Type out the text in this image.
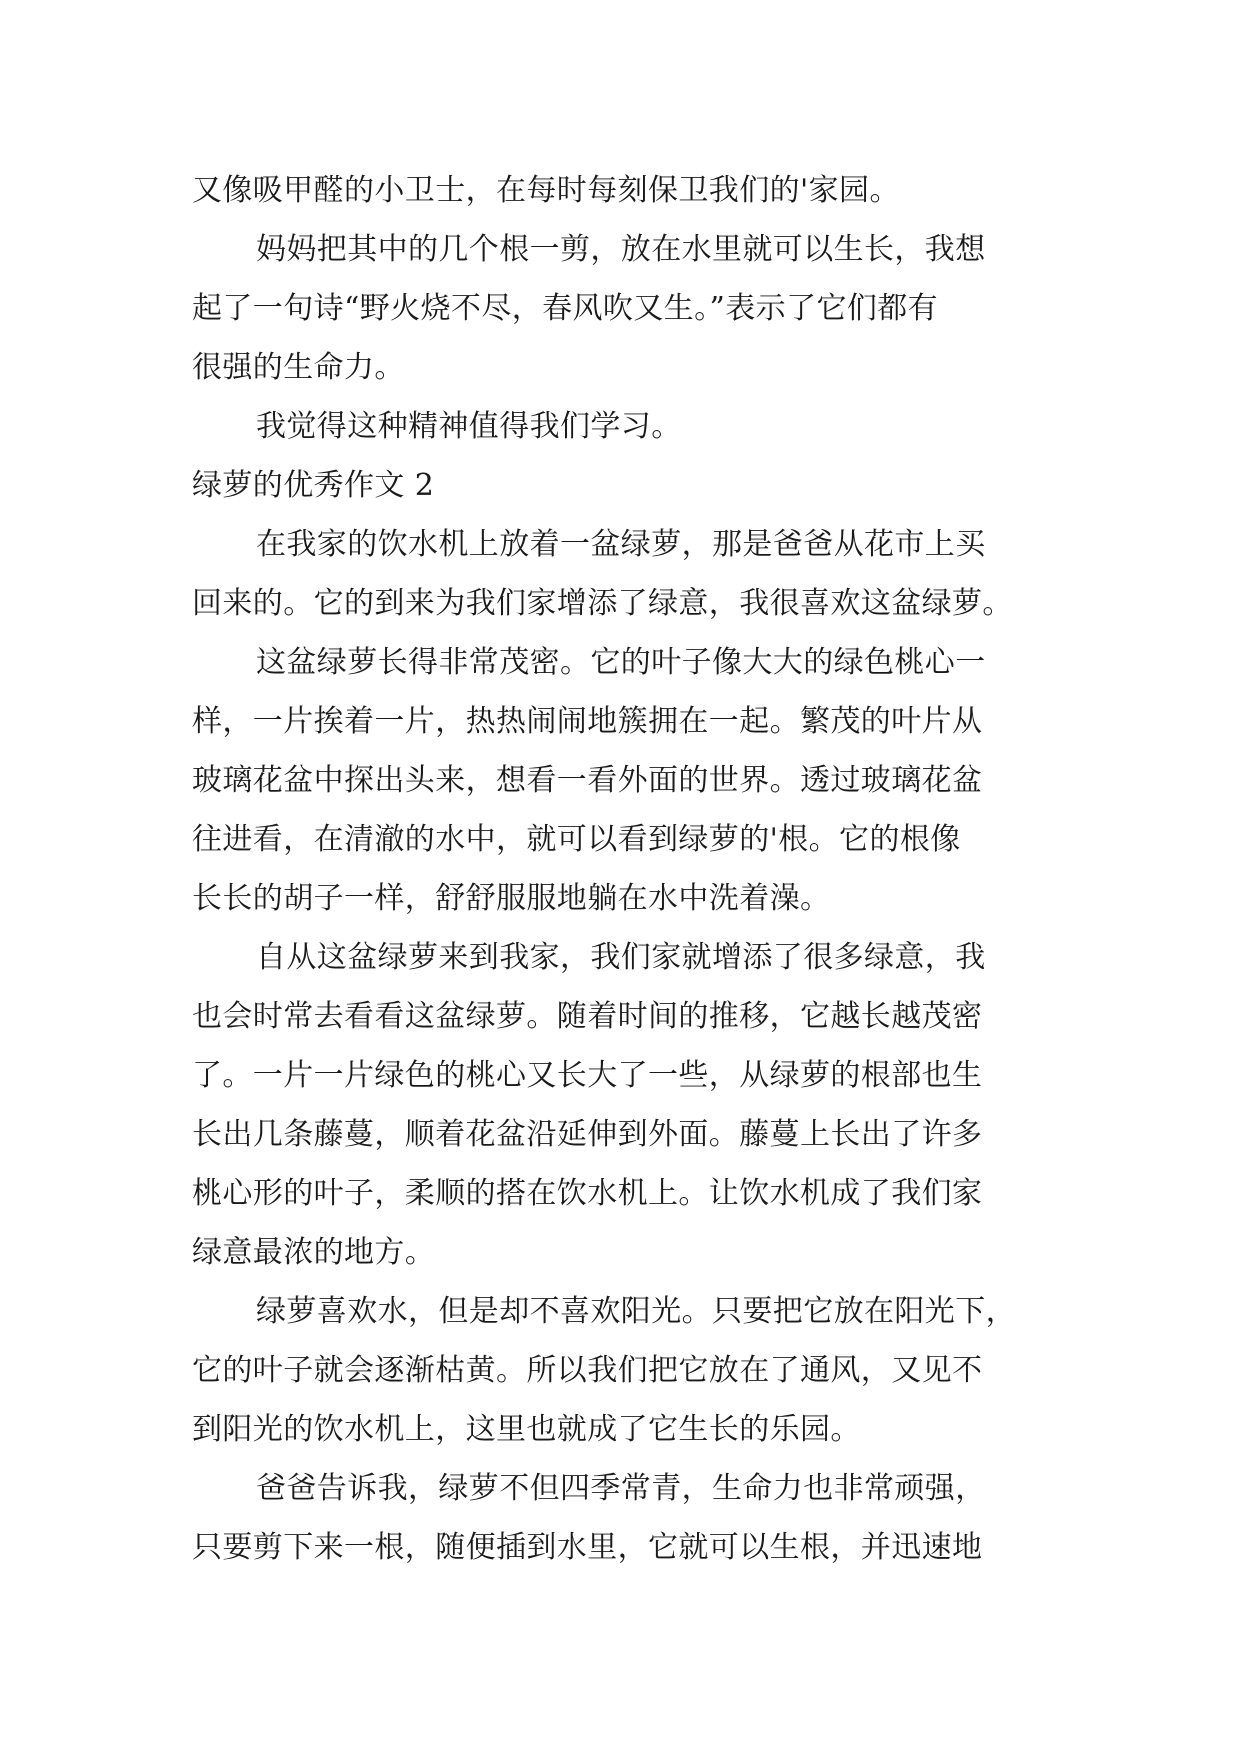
又像吸甲醛的小卫士，在每时每刻保卫我们的'家园。
妈妈把其中的几个根一剪，放在水里就可以生长，我想
起了一句诗“野火烧不尽，春风吹又生。”表示了它们都有
很强的生命力。
我觉得这种精神值得我们学习。
绿萝的优秀作文 2
在我家的饮水机上放着一盆绿萝，那是爸爸从花市上买
回来的。它的到来为我们家增添了绿意，我很喜欢这盆绿萝。
这盆绿萝长得非常茂密。它的叶子像大大的绿色桃心一
样，一片挨着一片，热热闹闹地簇拥在一起。繁茂的叶片从
玻璃花盆中探出头来，想看一看外面的世界。透过玻璃花盆
往进看，在清澈的水中，就可以看到绿萝的'根。它的根像
长长的胡子一样，舒舒服服地躺在水中洗着澡。
自从这盆绿萝来到我家，我们家就增添了很多绿意，我
也会时常去看看这盆绿萝。随着时间的推移，它越长越茂密
了。一片一片绿色的桃心又长大了一些，从绿萝的根部也生
长出几条藤蔓，顺着花盆沿延伸到外面。藤蔓上长出了许多
桃心形的叶子，柔顺的搭在饮水机上。让饮水机成了我们家
绿意最浓的地方。
绿萝喜欢水，但是却不喜欢阳光。只要把它放在阳光下，
它的叶子就会逐渐枯黄。所以我们把它放在了通风，又见不
到阳光的饮水机上，这里也就成了它生长的乐园。
爸爸告诉我，绿萝不但四季常青，生命力也非常顽强，
只要剪下来一根，随便插到水里，它就可以生根，并迅速地
